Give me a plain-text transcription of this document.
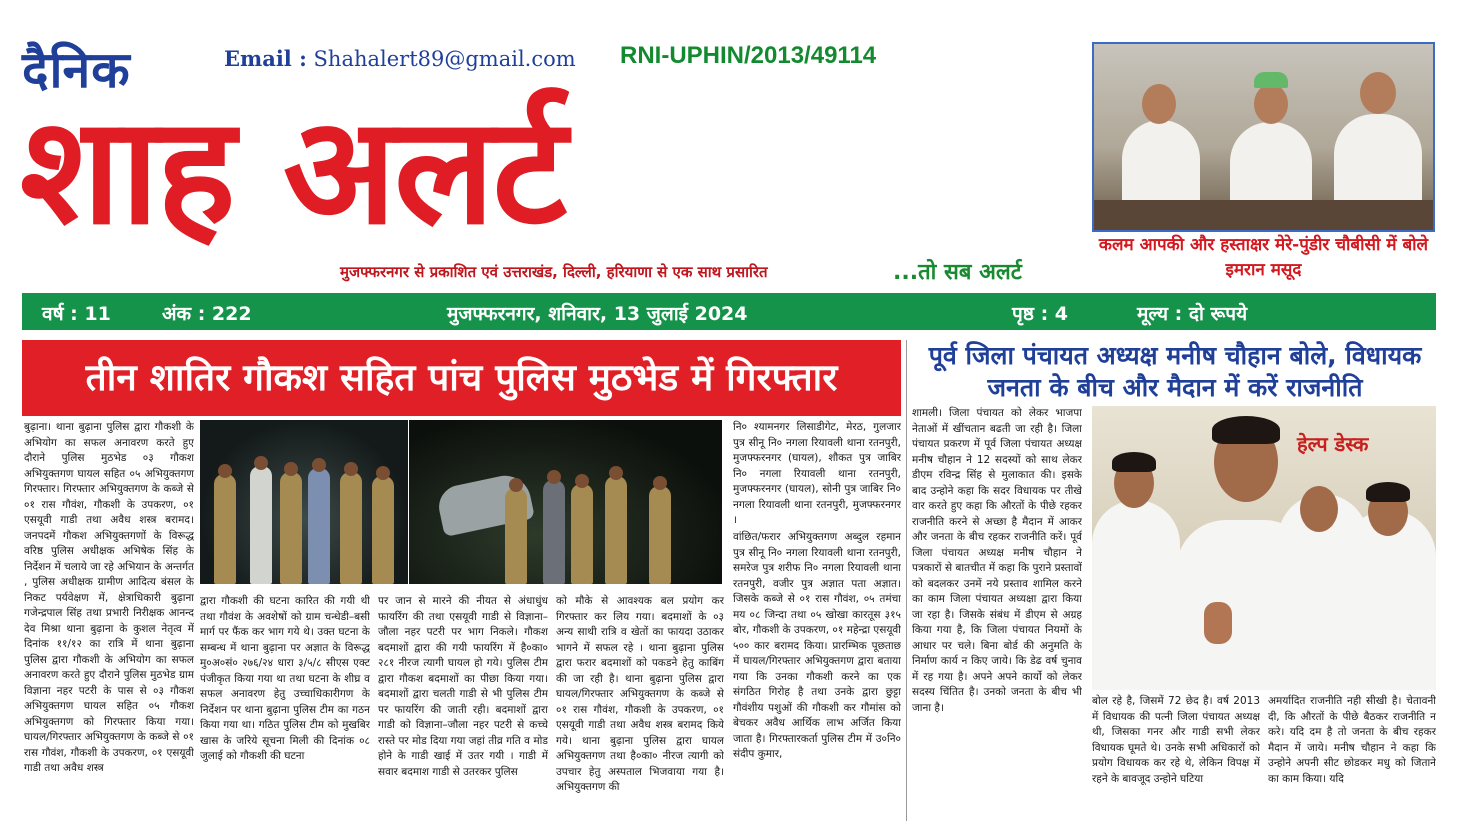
दैनिक	Email : Shahalert89@gmail.com RNI-UPHIN/2013/49114
शाह अलर्ट
मुजफ्फरनगर से प्रकाशित एवं उत्तराखंड, दिल्ली, हरियाणा से एक साथ प्रसारित	...तो सब अलर्ट
कलम आपकी और हस्ताक्षर मेरे-पुंडीर चौबीसी में बोले इमरान मसूद
वर्ष : 11	अंक : 222	मुजफ्फरनगर, शनिवार, 13 जुलाई 2024	पृष्ठ : 4	मूल्य : दो रूपये
तीन शातिर गौकश सहित पांच पुलिस मुठभेड में गिरफ्तार
बुढ़ाना। थाना बुढ़ाना पुलिस द्वारा गौकशी के अभियोग का सफल अनावरण करते हुए दौराने पुलिस मुठभेड ०३ गौकश अभियुक्तगण घायल सहित ०५ अभियुक्तगण गिरफ्तार। गिरफ्तार अभियुक्तगण के कब्जे से ०१ रास गौवंश, गौकशी के उपकरण, ०१ एसयूवी गाडी तथा अवैध शस्त्र बरामद। जनपदमें गौकश अभियुक्तगणों के विरूद्ध वरिष्ठ पुलिस अधीक्षक अभिषेक सिंह के निर्देशन में चलाये जा रहे अभियान के अन्तर्गत , पुलिस अधीक्षक ग्रामीण आदित्य बंसल के निकट पर्यवेक्षण में, क्षेत्राधिकारी बुढ़ाना गजेन्द्रपाल सिंह तथा प्रभारी निरीक्षक आनन्द देव मिश्रा थाना बुढ़ाना के कुशल नेतृत्व में दिनांक ११/१२ का रात्रि में थाना बुढ़ाना पुलिस द्वारा गौकशी के अभियोग का सफल अनावरण करते हुए दौराने पुलिस मुठभेड ग्राम विज्ञाना नहर पटरी के पास से ०३ गौकश अभियुक्तगण घायल सहित ०५ गौकश अभियुक्तगण को गिरफ्तार किया गया। घायल/गिरफ्तार अभियुक्तगण के कब्जे से ०१ रास गौवंश, गौकशी के उपकरण, ०१ एसयूवी गाडी तथा अवैध शस्त्र
द्वारा गौकशी की घटना कारित की गयी थी तथा गौवंश के अवशेषों को ग्राम चन्धेडी–बसी मार्ग पर फैंक कर भाग गये थे। उक्त घटना के सम्बन्ध में थाना बुढ़ाना पर अज्ञात के विरूद्ध मु०अ०सं० २७६/२४ धारा ३/५/८ सीएस एक्ट पंजीकृत किया गया था तथा घटना के शीघ्र व सफल अनावरण हेतु उच्चाधिकारीगण के निर्देशन पर थाना बुढ़ाना पुलिस टीम का गठन किया गया था। गठित पुलिस टीम को मुखबिर खास के जरिये सूचना मिली की दिनांक ०८ जुलाई को गौकशी की घटना
पर जान से मारने की नीयत से अंधाधुंध फायरिंग की तथा एसयूवी गाडी से विज्ञाना–जौला नहर पटरी पर भाग निकले। गौकश बदमाशों द्वारा की गयी फायरिंग में है०का० २८१ नीरज त्यागी घायल हो गये। पुलिस टीम द्वारा गौकश बदमाशों का पीछा किया गया। बदमाशों द्वारा चलती गाडी से भी पुलिस टीम पर फायरिंग की जाती रही। बदमाशों द्वारा गाडी को विज्ञाना–जौला नहर पटरी से कच्चे रास्ते पर मोड दिया गया जहां तीव्र गति व मोड होने के गाडी खाई में उतर गयी । गाडी में सवार बदमाश गाडी से उतरकर पुलिस
को मौके से आवश्यक बल प्रयोग कर गिरफ्तार कर लिय गया। बदमाशों के ०३ अन्य साथी रात्रि व खेतों का फायदा उठाकर भागने में सफल रहे । थाना बुढ़ाना पुलिस द्वारा फरार बदमाशों को पकडने हेतु काबिंग की जा रही है। थाना बुढ़ाना पुलिस द्वारा घायल/गिरफ्तार अभियुक्तगण के कब्जे से ०१ रास गौवंश, गौकशी के उपकरण, ०१ एसयूवी गाडी तथा अवैध शस्त्र बरामद किये गये। थाना बुढ़ाना पुलिस द्वारा घायल अभियुक्तगण तथा है०का० नीरज त्यागी को उपचार हेतु अस्पताल भिजवाया गया है। अभियुक्तगण की
नि० श्यामनगर लिसाडीगेट, मेरठ, गुलजार पुत्र सीनू नि० नगला रियावली थाना रतनपुरी, मुजफ्फरनगर (घायल), शौकत पुत्र जाबिर नि० नगला रियावली थाना रतनपुरी, मुजफ्फरनगर (घायल), सोनी पुत्र जाबिर नि० नगला रियावली थाना रतनपुरी, मुजफ्फरनगर ।
वांछित/फरार अभियुक्तगण अब्दुल रहमान पुत्र सीनू नि० नगला रियावली थाना रतनपुरी, समरेज पुत्र शरीफ नि० नगला रियावली थाना रतनपुरी, वजीर पुत्र अज्ञात पता अज्ञात। जिसके कब्जे से ०१ रास गौवंश, ०५ तमंचा मय ०८ जिन्दा तथा ०५ खोखा कारतूस ३१५ बोर, गौकशी के उपकरण, ०१ महेन्द्रा एसयूवी ५०० कार बरामद किया। प्रारम्भिक पूछताछ में घायल/गिरफ्तार अभियुक्तगण द्वारा बताया गया कि उनका गौकशी करने का एक संगठित गिरोह है तथा उनके द्वारा छुट्टा गौवंशीय पशुओं की गौकशी कर गौमांस को बेचकर अवैध आर्थिक लाभ अर्जित किया जाता है। गिरफ्तारकर्ता पुलिस टीम में उ०नि० संदीप कुमार,
पूर्व जिला पंचायत अध्यक्ष मनीष चौहान बोले, विधायक जनता के बीच और मैदान में करें राजनीति
शामली। जिला पंचायत को लेकर भाजपा नेताओं में खींचतान बढती जा रही है। जिला पंचायत प्रकरण में पूर्व जिला पंचायत अध्यक्ष मनीष चौहान ने 12 सदस्यों को साथ लेकर डीएम रविन्द्र सिंह से मुलाकात की। इसके बाद उन्होने कहा कि सदर विधायक पर तीखे वार करते हुए कहा कि औरतों के पीछे रहकर राजनीति करने से अच्छा है मैदान में आकर और जनता के बीच रहकर राजनीति करें। पूर्व जिला पंचायत अध्यक्ष मनीष चौहान ने पत्रकारों से बातचीत में कहा कि पुराने प्रस्तावों को बदलकर उनमें नये प्रस्ताव शामिल करने का काम जिला पंचायत अध्यक्षा द्वारा किया जा रहा है। जिसके संबंध में डीएम से अग्रह किया गया है, कि जिला पंचायत नियमों के आधार पर चले। बिना बोर्ड की अनुमति के निर्माण कार्य न किए जाये। कि डेढ वर्ष चुनाव में रह गया है। अपने अपने कार्यो को लेकर सदस्य चिंतित है। उनको जनता के बीच भी जाना है।
हेल्प डेस्क
बोल रहे है, जिसमें 72 छेद है। वर्ष 2013 में विधायक की पत्नी जिला पंचायत अध्यक्ष थी, जिसका गनर और गाडी सभी लेकर विधायक घूमते थे। उनके सभी अधिकारों को प्रयोग विधायक कर रहे थे, लेकिन विपक्ष में रहने के बावजूद उन्होने घटिया
अमर्यादित राजनीति नही सीखी है। चेतावनी दी, कि औरतों के पीछे बैठकर राजनीति न करे। यदि दम है तो जनता के बीच रहकर मैदान में जाये। मनीष चौहान ने कहा कि उन्होने अपनी सीट छोडकर मधु को जिताने का काम किया। यदि
